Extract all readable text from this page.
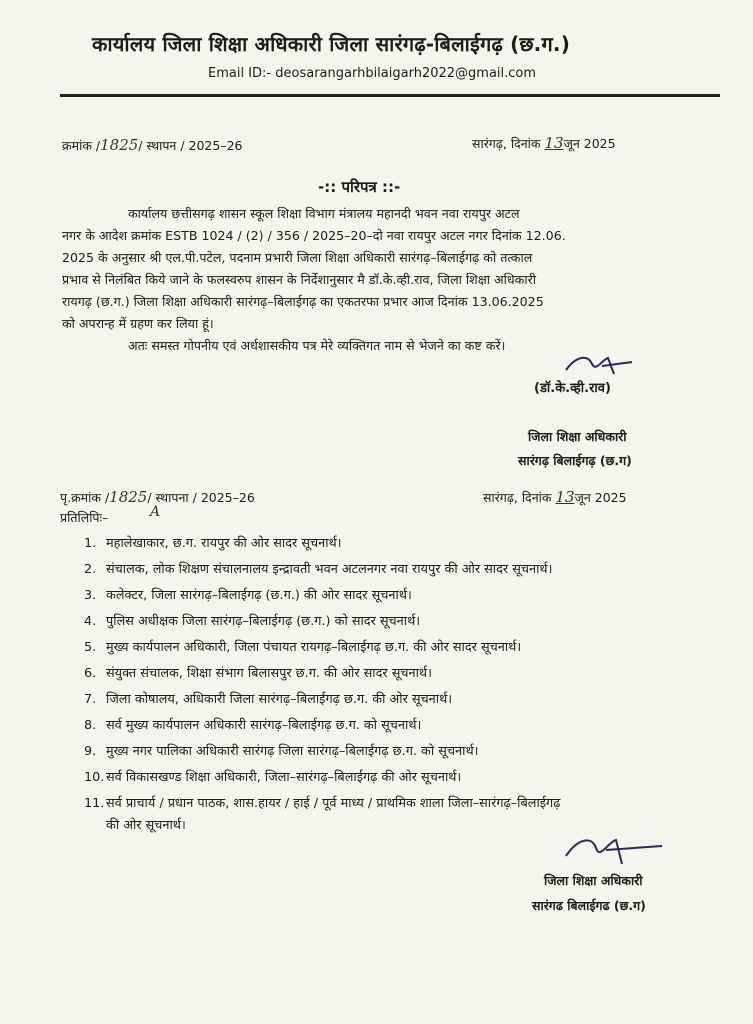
कार्यालय जिला शिक्षा अधिकारी जिला सारंगढ़-बिलाईगढ़ (छ.ग.)
Email ID:- deosarangarhbilaigarh2022@gmail.com
क्रमांक /1825/ स्थापन / 2025–26	सारंगढ़, दिनांक 13जून 2025
-:: परिपत्र ::-
कार्यालय छत्तीसगढ़ शासन स्कूल शिक्षा विभाग मंत्रालय महानदी भवन नवा रायपुर अटल
नगर के आदेश क्रमांक ESTB 1024 / (2) / 356 / 2025–20–दो नवा रायपुर अटल नगर दिनांक 12.06.
2025 के अनुसार श्री एल.पी.पटेल, पदनाम प्रभारी जिला शिक्षा अधिकारी सारंगढ़–बिलाईगढ़ को तत्काल
प्रभाव से निलंबित किये जाने के फलस्वरुप शासन के निर्देशानुसार मै डॉ.के.व्ही.राव, जिला शिक्षा अधिकारी
रायगढ़ (छ.ग.) जिला शिक्षा अधिकारी सारंगढ़–बिलाईगढ़ का एकतरफा प्रभार आज दिनांक 13.06.2025
को अपरान्ह में ग्रहण कर लिया हूं।
अतः समस्त गोपनीय एवं अर्धशासकीय पत्र मेरे व्यक्तिगत नाम से भेजने का कष्ट करें।
(डॉ.के.व्ही.राव)
जिला शिक्षा अधिकारी
सारंगढ़ बिलाईगढ़ (छ.ग)
पृ.क्रमांक /1825/ स्थापना / 2025–26
A
सारंगढ़, दिनांक 13जून 2025
प्रतिलिपिः–
1. महालेखाकार, छ.ग. रायपुर की ओर सादर सूचनार्थ।
2. संचालक, लोक शिक्षण संचालनालय इन्द्रावती भवन अटलनगर नवा रायपुर की ओर सादर सूचनार्थ।
3. कलेक्टर, जिला सारंगढ़–बिलाईगढ़ (छ.ग.) की ओर सादर सूचनार्थ।
4. पुलिस अधीक्षक जिला सारंगढ़–बिलाईगढ़ (छ.ग.) को सादर सूचनार्थ।
5. मुख्य कार्यपालन अधिकारी, जिला पंचायत रायगढ़–बिलाईगढ़ छ.ग. की ओर सादर सूचनार्थ।
6. संयुक्त संचालक, शिक्षा संभाग बिलासपुर छ.ग. की ओर सादर सूचनार्थ।
7. जिला कोषालय, अधिकारी जिला सारंगढ़–बिलाईगढ़ छ.ग. की ओर सूचनार्थ।
8. सर्व मुख्य कार्यपालन अधिकारी सारंगढ़–बिलाईगढ़ छ.ग. को सूचनार्थ।
9. मुख्य नगर पालिका अधिकारी सारंगढ़ जिला सारंगढ़–बिलाईगढ़ छ.ग. को सूचनार्थ।
10. सर्व विकासखण्ड शिक्षा अधिकारी, जिला–सारंगढ़–बिलाईगढ़ की ओर सूचनार्थ।
11. सर्व प्राचार्य / प्रधान पाठक, शास.हायर / हाई / पूर्व माध्य / प्राथमिक शाला जिला–सारंगढ़–बिलाईगढ़
की ओर सूचनार्थ।
जिला शिक्षा अधिकारी
सारंगढ बिलाईगढ (छ.ग)
